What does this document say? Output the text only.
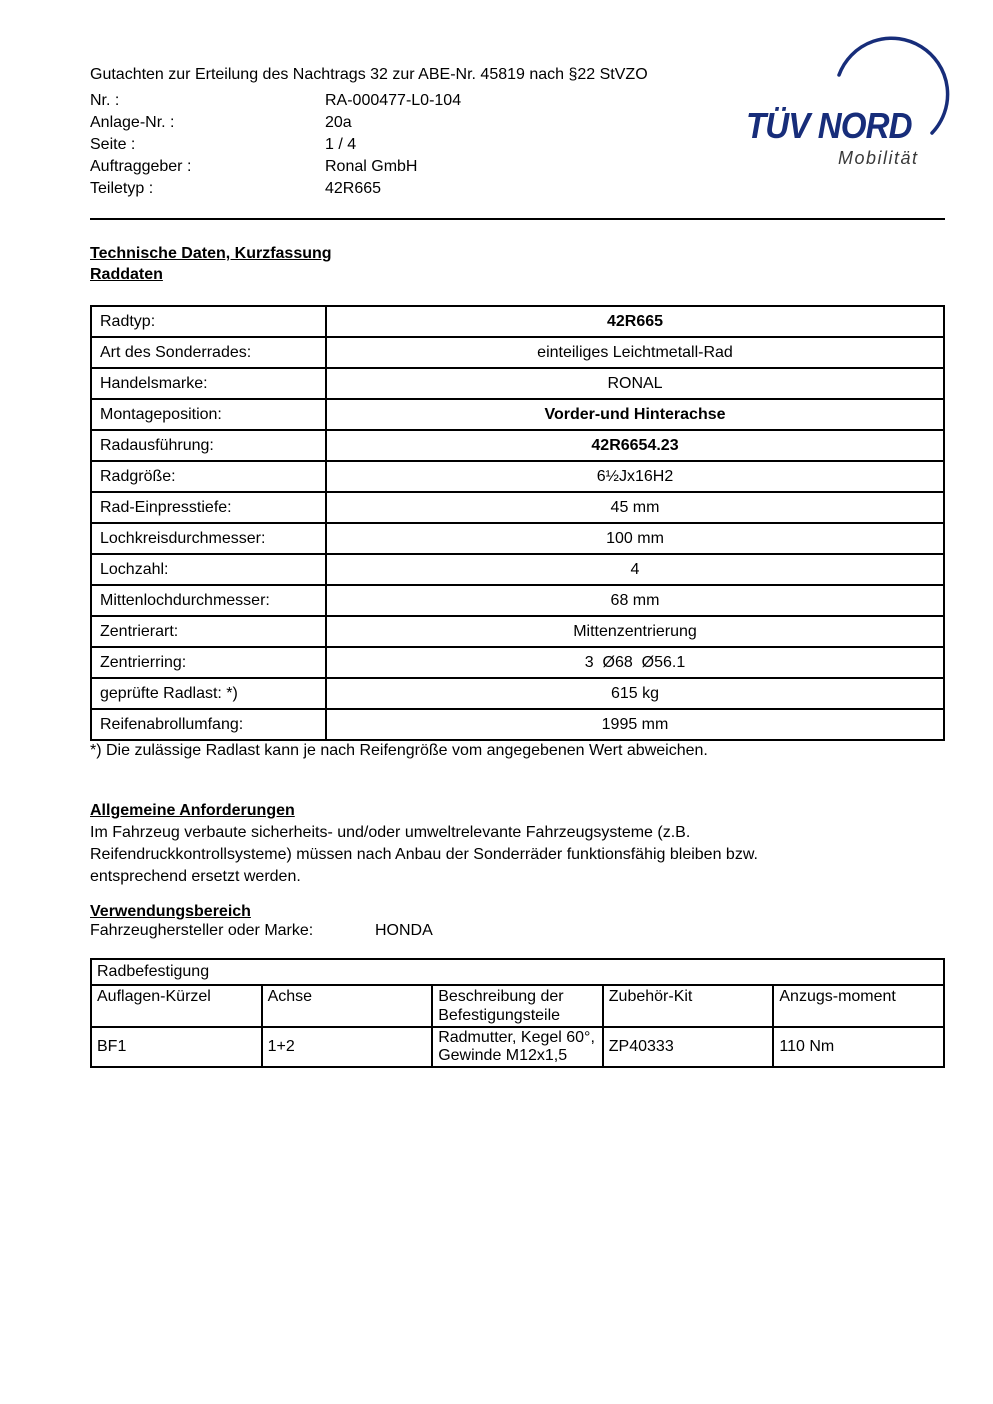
Gutachten zur Erteilung des Nachtrags 32 zur ABE-Nr. 45819 nach §22 StVZO
Nr. :	RA-000477-L0-104
Anlage-Nr. :	20a
Seite :	1 / 4
Auftraggeber :	Ronal GmbH
Teiletyp :	42R665
TÜV NORD
Mobilität
Technische Daten, Kurzfassung
Raddaten
Radtyp:	42R665
Art des Sonderrades:	einteiliges Leichtmetall-Rad
Handelsmarke:	RONAL
Montageposition:	Vorder-und Hinterachse
Radausführung:	42R6654.23
Radgröße:	6½Jx16H2
Rad-Einpresstiefe:	45 mm
Lochkreisdurchmesser:	100 mm
Lochzahl:	4
Mittenlochdurchmesser:	68 mm
Zentrierart:	Mittenzentrierung
Zentrierring:	3  Ø68  Ø56.1
geprüfte Radlast: *)	615 kg
Reifenabrollumfang:	1995 mm
*) Die zulässige Radlast kann je nach Reifengröße vom angegebenen Wert abweichen.
Allgemeine Anforderungen
Im Fahrzeug verbaute sicherheits- und/oder umweltrelevante Fahrzeugsysteme (z.B.
Reifendruckkontrollsysteme) müssen nach Anbau der Sonderräder funktionsfähig bleiben bzw.
entsprechend ersetzt werden.
Verwendungsbereich
Fahrzeughersteller oder Marke:	HONDA
Radbefestigung				
Auflagen-Kürzel	Achse	Beschreibung der Befestigungsteile	Zubehör-Kit	Anzugs-moment
BF1	1+2	Radmutter, Kegel 60°, Gewinde M12x1,5	ZP40333	110 Nm
